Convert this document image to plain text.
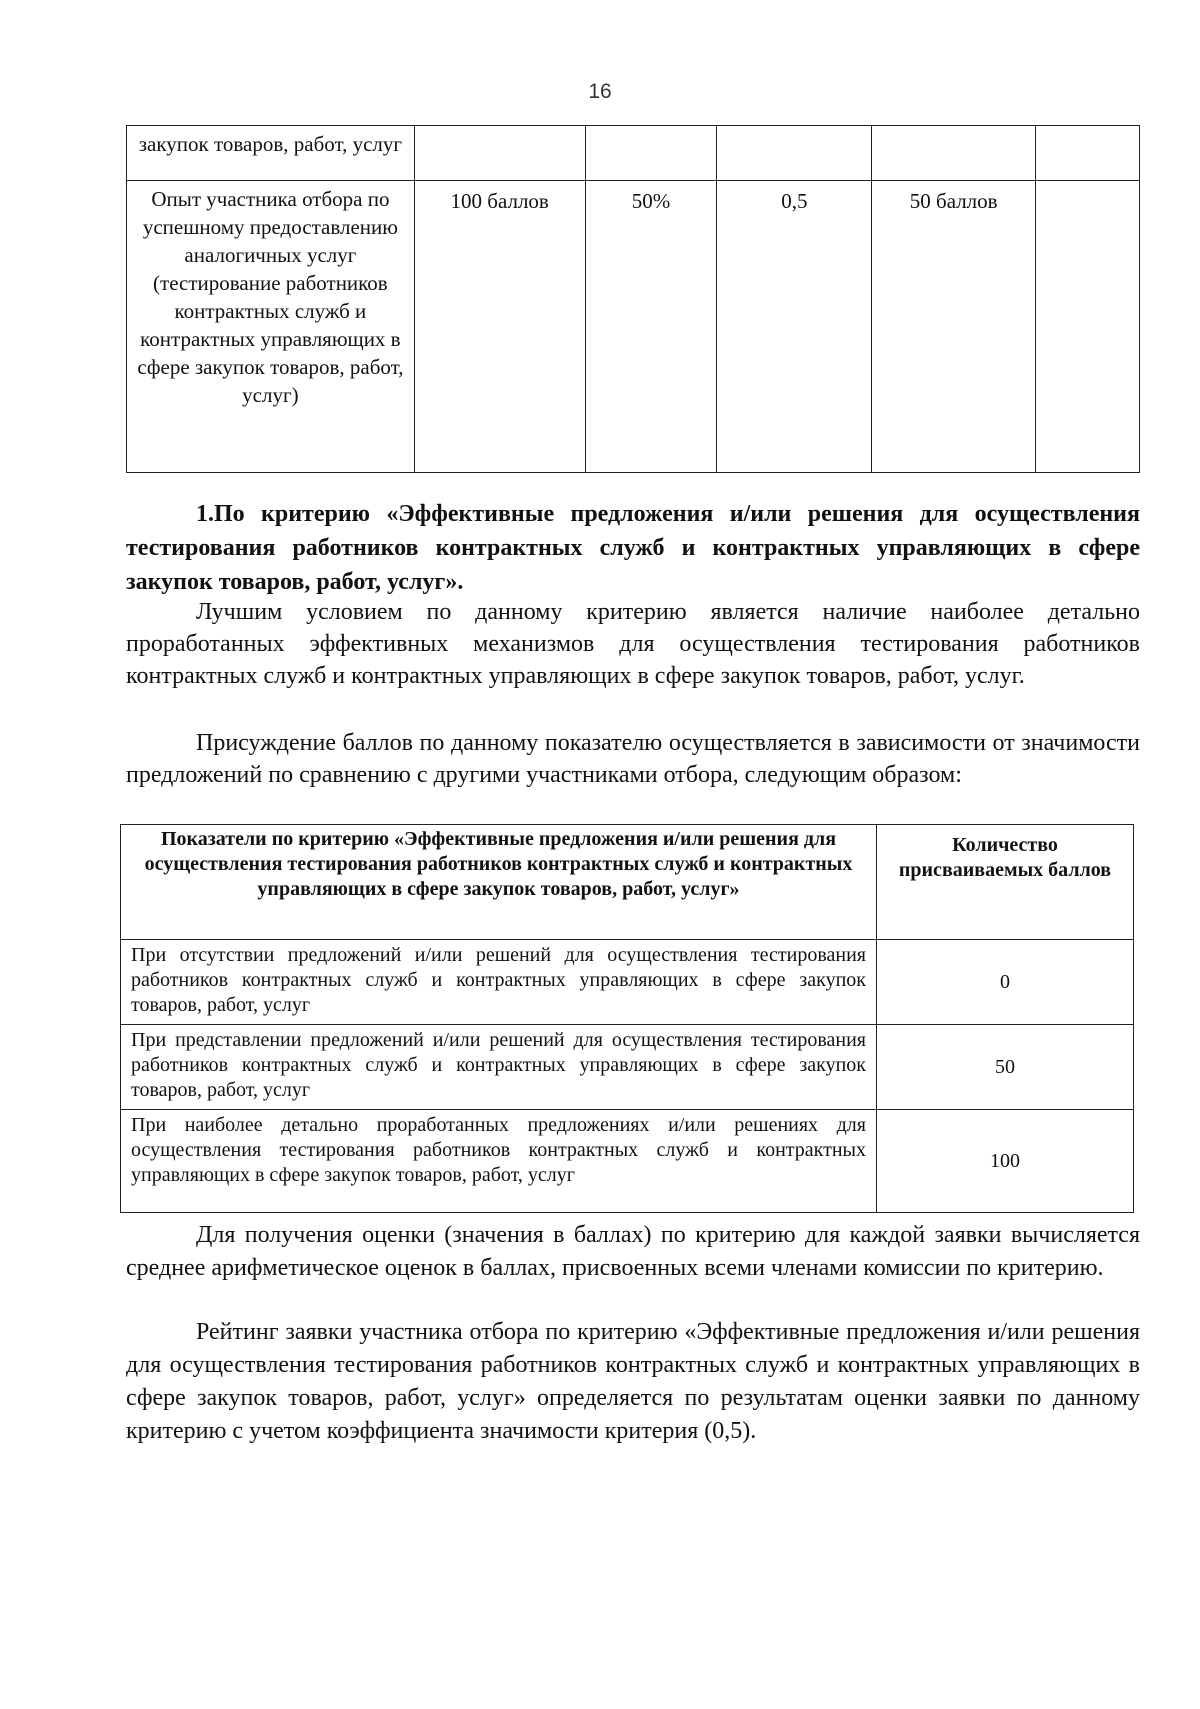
16
закупок товаров, работ, услуг					
Опыт участника отбора по успешному предоставлению аналогичных услуг (тестирование работников контрактных служб и контрактных управляющих в сфере закупок товаров, работ, услуг)	100 баллов	50%	0,5	50 баллов	

1.По критерию «Эффективные предложения и/или решения для осуществления тестирования работников контрактных служб и контрактных управляющих в сфере закупок товаров, работ, услуг».

Лучшим условием по данному критерию является наличие наиболее детально проработанных эффективных механизмов для осуществления тестирования работников контрактных служб и контрактных управляющих в сфере закупок товаров, работ, услуг.

Присуждение баллов по данному показателю осуществляется в зависимости от значимости предложений по сравнению с другими участниками отбора, следующим образом:

Показатели по критерию «Эффективные предложения и/или решения для осуществления тестирования работников контрактных служб и контрактных управляющих в сфере закупок товаров, работ, услуг»	Количество присваиваемых баллов
При отсутствии предложений и/или решений для осуществления тестирования работников контрактных служб и контрактных управляющих в сфере закупок товаров, работ, услуг	0
При представлении предложений и/или решений для осуществления тестирования работников контрактных служб и контрактных управляющих в сфере закупок товаров, работ, услуг	50
При наиболее детально проработанных предложениях и/или решениях для осуществления тестирования работников контрактных служб и контрактных управляющих в сфере закупок товаров, работ, услуг	100

Для получения оценки (значения в баллах) по критерию для каждой заявки вычисляется среднее арифметическое оценок в баллах, присвоенных всеми членами комиссии по критерию.

Рейтинг заявки участника отбора по критерию «Эффективные предложения и/или решения для осуществления тестирования работников контрактных служб и контрактных управляющих в сфере закупок товаров, работ, услуг» определяется по результатам оценки заявки по данному критерию с учетом коэффициента значимости критерия (0,5).
